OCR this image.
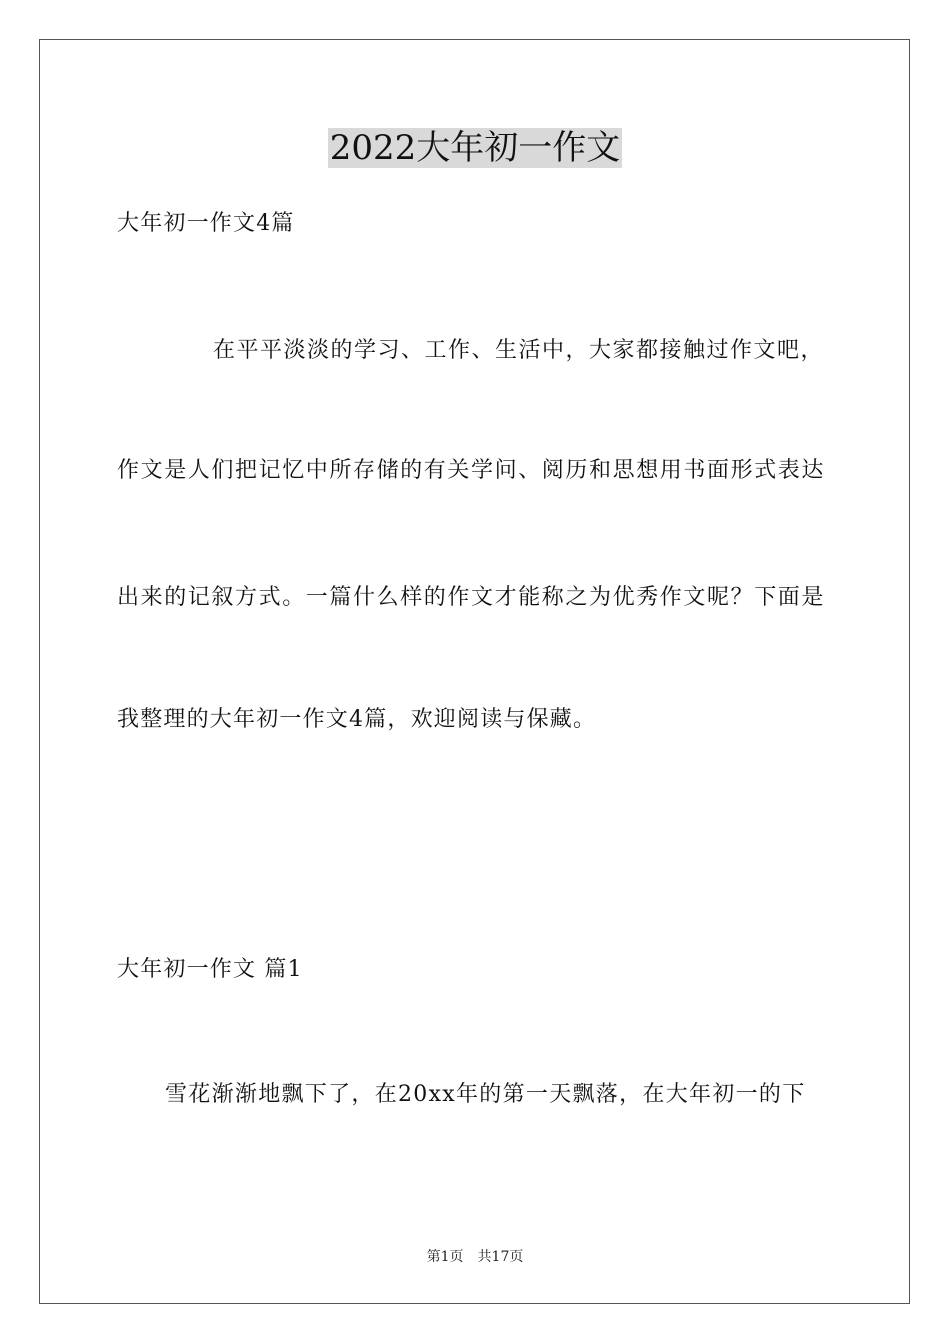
2022大年初一作文
大年初一作文4篇
在平平淡淡的学习、工作、生活中，大家都接触过作文吧，
作文是人们把记忆中所存储的有关学问、阅历和思想用书面形式表达
出来的记叙方式。一篇什么样的作文才能称之为优秀作文呢？下面是
我整理的大年初一作文4篇，欢迎阅读与保藏。
大年初一作文 篇1
雪花渐渐地飘下了，在20xx年的第一天飘落，在大年初一的下
第1页 共17页
